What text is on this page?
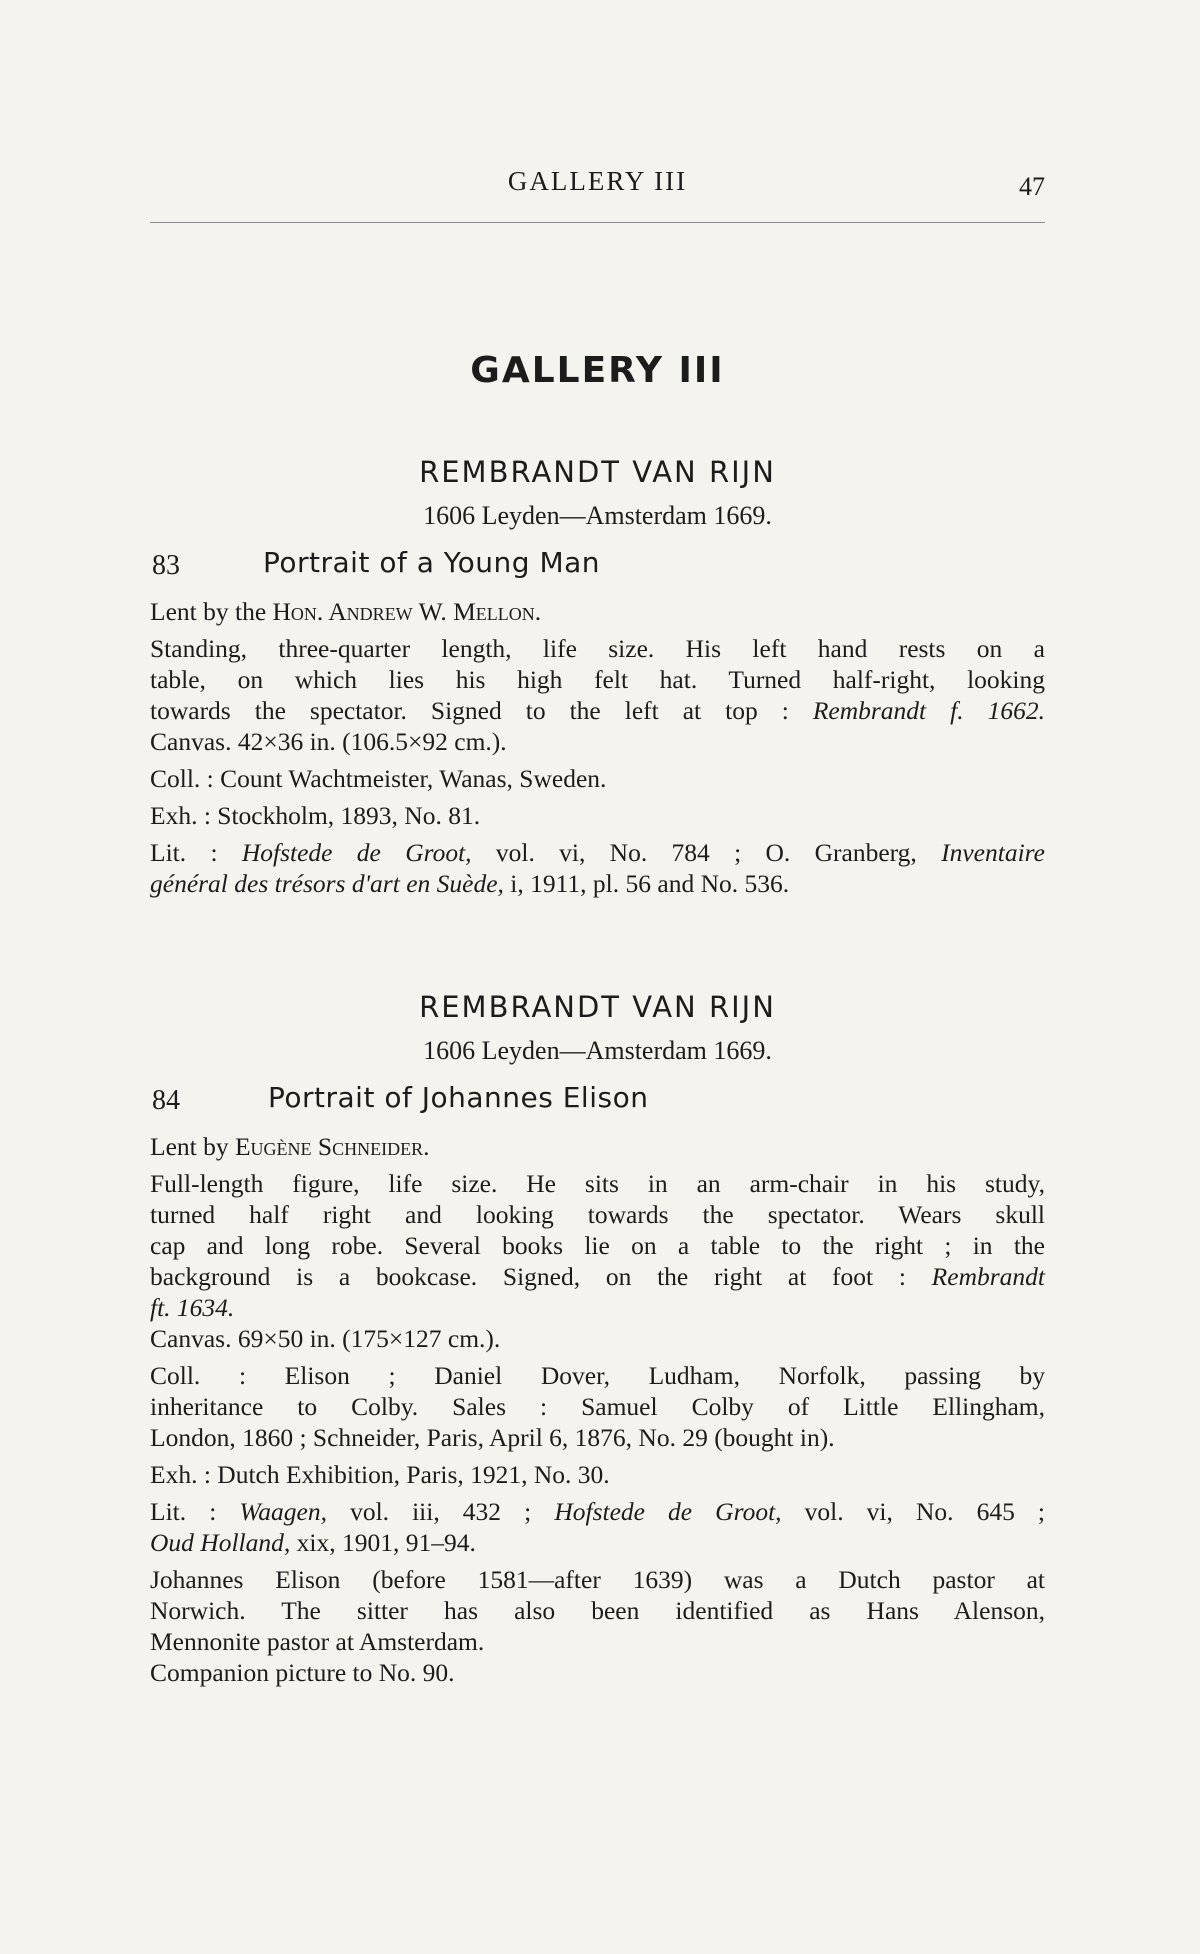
GALLERY III	47
GALLERY III

REMBRANDT VAN RIJN

1606 Leyden—Amsterdam 1669.

83	Portrait of a Young Man

Lent by the Hon. Andrew W. Mellon.

Standing, three-quarter length, life size. His left hand rests on a
table, on which lies his high felt hat. Turned half-right, looking
towards the spectator. Signed to the left at top : Rembrandt f. 1662.
Canvas. 42×36 in. (106.5×92 cm.).

Coll. : Count Wachtmeister, Wanas, Sweden.

Exh. : Stockholm, 1893, No. 81.

Lit. : Hofstede de Groot, vol. vi, No. 784 ; O. Granberg, Inventaire
général des trésors d'art en Suède, i, 1911, pl. 56 and No. 536.

REMBRANDT VAN RIJN

1606 Leyden—Amsterdam 1669.

84	Portrait of Johannes Elison

Lent by Eugène Schneider.

Full-length figure, life size. He sits in an arm-chair in his study,
turned half right and looking towards the spectator. Wears skull
cap and long robe. Several books lie on a table to the right ; in the
background is a bookcase. Signed, on the right at foot : Rembrandt
ft. 1634.
Canvas. 69×50 in. (175×127 cm.).

Coll. : Elison ; Daniel Dover, Ludham, Norfolk, passing by
inheritance to Colby. Sales : Samuel Colby of Little Ellingham,
London, 1860 ; Schneider, Paris, April 6, 1876, No. 29 (bought in).

Exh. : Dutch Exhibition, Paris, 1921, No. 30.

Lit. : Waagen, vol. iii, 432 ; Hofstede de Groot, vol. vi, No. 645 ;
Oud Holland, xix, 1901, 91–94.

Johannes Elison (before 1581—after 1639) was a Dutch pastor at
Norwich. The sitter has also been identified as Hans Alenson,
Mennonite pastor at Amsterdam.
Companion picture to No. 90.
